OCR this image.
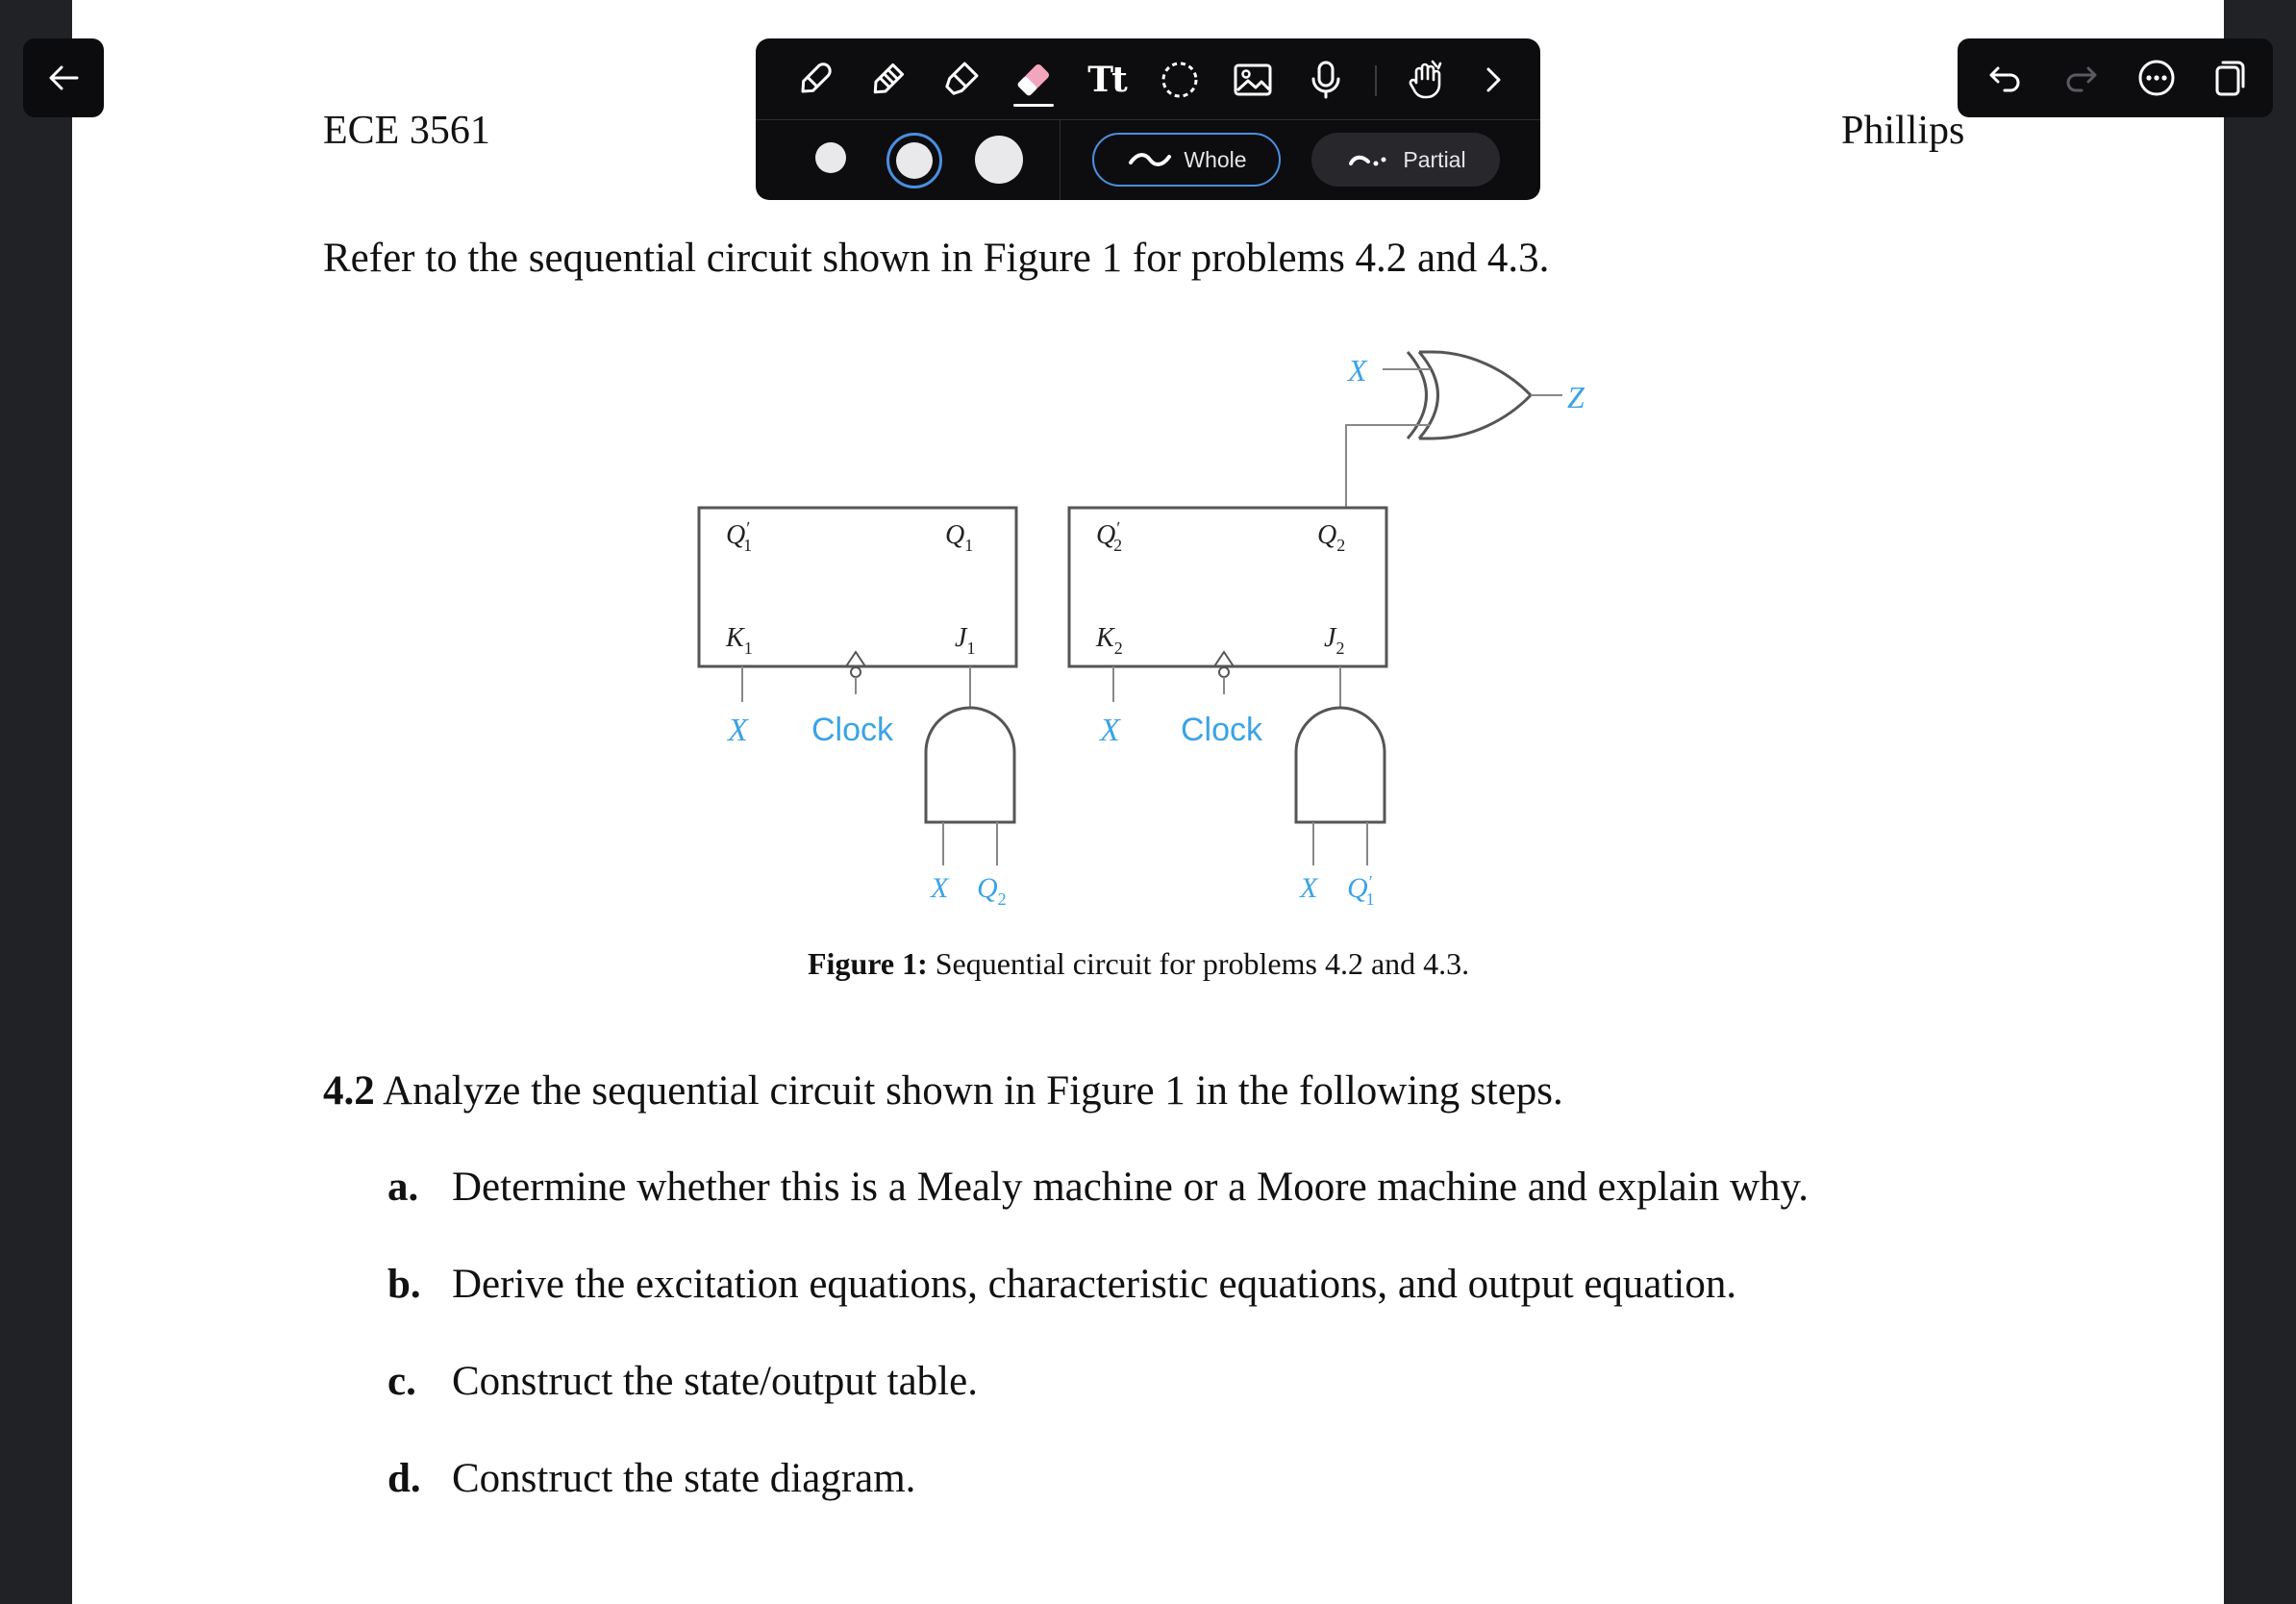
Tt
Whole	Partial
ECE 3561	Phillips
Refer to the sequential circuit shown in Figure 1 for problems 4.2 and 4.3.
X
Z
Q′ 1	$Q_1$
$K_1$	$J_1$
X Clock
X $Q_2$
Q′ 2	$Q_2$
$K_2$	$J_2$
X Clock
X Q′ 1
Figure 1: Sequential circuit for problems 4.2 and 4.3.
4.2 Analyze the sequential circuit shown in Figure 1 in the following steps.
a. Determine whether this is a Mealy machine or a Moore machine and explain why.
b. Derive the excitation equations, characteristic equations, and output equation.
c. Construct the state/output table.
d. Construct the state diagram.
